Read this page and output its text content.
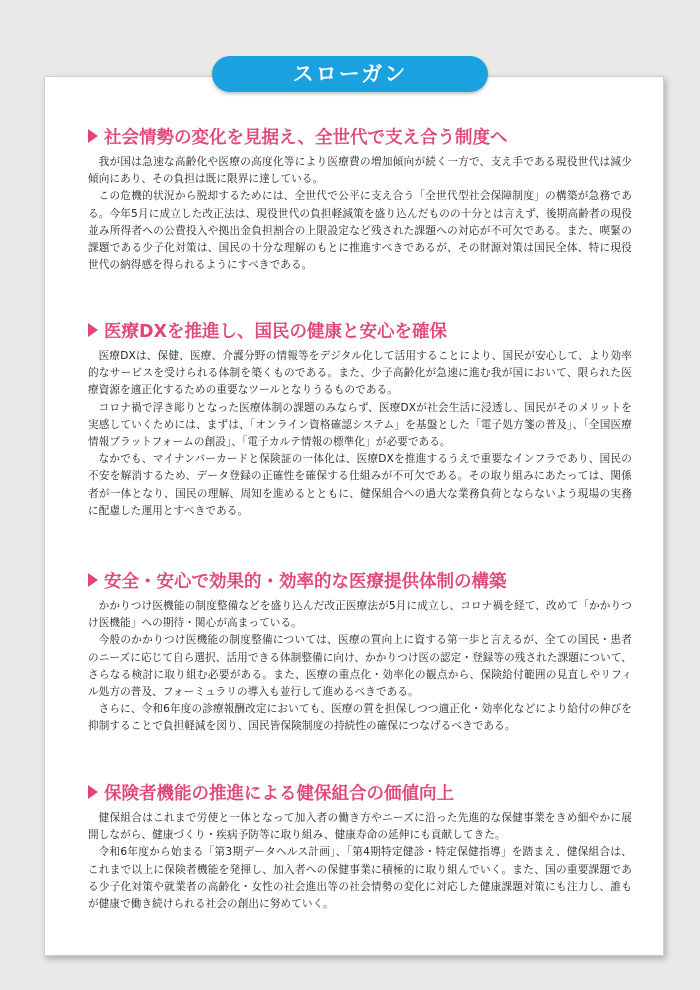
スローガン
社会情勢の変化を見据え、全世代で支え合う制度へ

我が国は急速な高齢化や医療の高度化等により医療費の増加傾向が続く一方で、支え手である現役世代は減少傾向にあり、その負担は既に限界に達している。

この危機的状況から脱却するためには、全世代で公平に支え合う「全世代型社会保障制度」の構築が急務である。今年5月に成立した改正法は、現役世代の負担軽減策を盛り込んだものの十分とは言えず、後期高齢者の現役並み所得者への公費投入や拠出金負担割合の上限設定など残された課題への対応が不可欠である。また、喫緊の課題である少子化対策は、国民の十分な理解のもとに推進すべきであるが、その財源対策は国民全体、特に現役世代の納得感を得られるようにすべきである。

医療DXを推進し、国民の健康と安心を確保

医療DXは、保健、医療、介護分野の情報等をデジタル化して活用することにより、国民が安心して、より効率的なサービスを受けられる体制を築くものである。また、少子高齢化が急速に進む我が国において、限られた医療資源を適正化するための重要なツールとなりうるものである。

コロナ禍で浮き彫りとなった医療体制の課題のみならず、医療DXが社会生活に浸透し、国民がそのメリットを実感していくためには、まずは、「オンライン資格確認システム」を基盤とした「電子処方箋の普及」、「全国医療情報プラットフォームの創設」、「電子カルテ情報の標準化」が必要である。

なかでも、マイナンバーカードと保険証の一体化は、医療DXを推進するうえで重要なインフラであり、国民の不安を解消するため、データ登録の正確性を確保する仕組みが不可欠である。その取り組みにあたっては、関係者が一体となり、国民の理解、周知を進めるとともに、健保組合への過大な業務負荷とならないよう現場の実務に配慮した運用とすべきである。

安全・安心で効果的・効率的な医療提供体制の構築

かかりつけ医機能の制度整備などを盛り込んだ改正医療法が5月に成立し、コロナ禍を経て、改めて「かかりつけ医機能」への期待・関心が高まっている。

今般のかかりつけ医機能の制度整備については、医療の質向上に資する第一歩と言えるが、全ての国民・患者のニーズに応じて自ら選択、活用できる体制整備に向け、かかりつけ医の認定・登録等の残された課題について、さらなる検討に取り組む必要がある。また、医療の重点化・効率化の観点から、保険給付範囲の見直しやリフィル処方の普及、フォーミュラリの導入も並行して進めるべきである。

さらに、令和6年度の診療報酬改定においても、医療の質を担保しつつ適正化・効率化などにより給付の伸びを抑制することで負担軽減を図り、国民皆保険制度の持続性の確保につなげるべきである。

保険者機能の推進による健保組合の価値向上

健保組合はこれまで労使と一体となって加入者の働き方やニーズに沿った先進的な保健事業をきめ細やかに展開しながら、健康づくり・疾病予防等に取り組み、健康寿命の延伸にも貢献してきた。

令和6年度から始まる「第3期データヘルス計画」、「第4期特定健診・特定保健指導」を踏まえ、健保組合は、これまで以上に保険者機能を発揮し、加入者への保健事業に積極的に取り組んでいく。また、国の重要課題である少子化対策や就業者の高齢化・女性の社会進出等の社会情勢の変化に対応した健康課題対策にも注力し、誰もが健康で働き続けられる社会の創出に努めていく。
